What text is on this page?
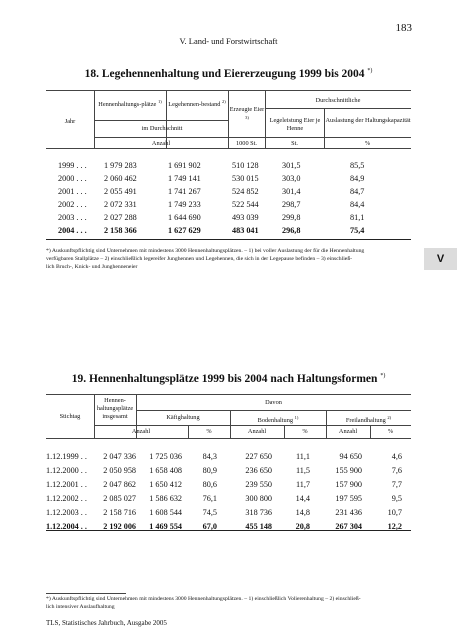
183
V. Land- und Forstwirtschaft
18. Legehennenhaltung und Eiererzeugung 1999 bis 2004 *)
Jahr
Hennenhaltungs-plätze $^{1)}$	Legehennen-bestand $^{2)}$
im Durchschnitt
Erzeugte Eier $^{3)}$
Durchschnittliche
Legeleistung Eier je Henne
Auslastung der Haltungskapazität
Anzahl	1000 St.	St.	%
1999 . . .	1 979 283	1 691 902	510 128	301,5	85,5
2000 . . .	2 060 462	1 749 141	530 015	303,0	84,9
2001 . . .	2 055 491	1 741 267	524 852	301,4	84,7
2002 . . .	2 072 331	1 749 233	522 544	298,7	84,4
2003 . . .	2 027 288	1 644 690	493 039	299,8	81,1
2004 . . .	2 158 366	1 627 629	483 041	296,8	75,4
*) Auskunftspflichtig sind Unternehmen mit mindestens 3000 Hennenhaltungsplätzen. – 1) bei voller Auslastung der für die Hennenhaltung
verfügbaren Stallplätze – 2) einschließlich legereifer Junghennen und Legehennen, die sich in der Legepause befinden – 3) einschließ-
lich Bruch-, Knick- und Junghenneneier
V
19. Hennenhaltungsplätze 1999 bis 2004 nach Haltungsformen *)
Stichtag
Hennen-haltungsplätze insgesamt
Davon
Käfighaltung	Bodenhaltung $^{1)}$	Freilandhaltung $^{2)}$
Anzahl	%	Anzahl	%	Anzahl	%
1.12.1999 . .	2 047 336	1 725 036	84,3	227 650	11,1	94 650	4,6
1.12.2000 . .	2 050 958	1 658 408	80,9	236 650	11,5	155 900	7,6
1.12.2001 . .	2 047 862	1 650 412	80,6	239 550	11,7	157 900	7,7
1.12.2002 . .	2 085 027	1 586 632	76,1	300 800	14,4	197 595	9,5
1.12.2003 . .	2 158 716	1 608 544	74,5	318 736	14,8	231 436	10,7
1.12.2004 . .	2 192 006	1 469 554	67,0	455 148	20,8	267 304	12,2
*) Auskunftspflichtig sind Unternehmen mit mindestens 3000 Hennenhaltungsplätzen. – 1) einschließlich Volierenhaltung – 2) einschließ-
lich intensiver Auslaufhaltung
TLS, Statistisches Jahrbuch, Ausgabe 2005
